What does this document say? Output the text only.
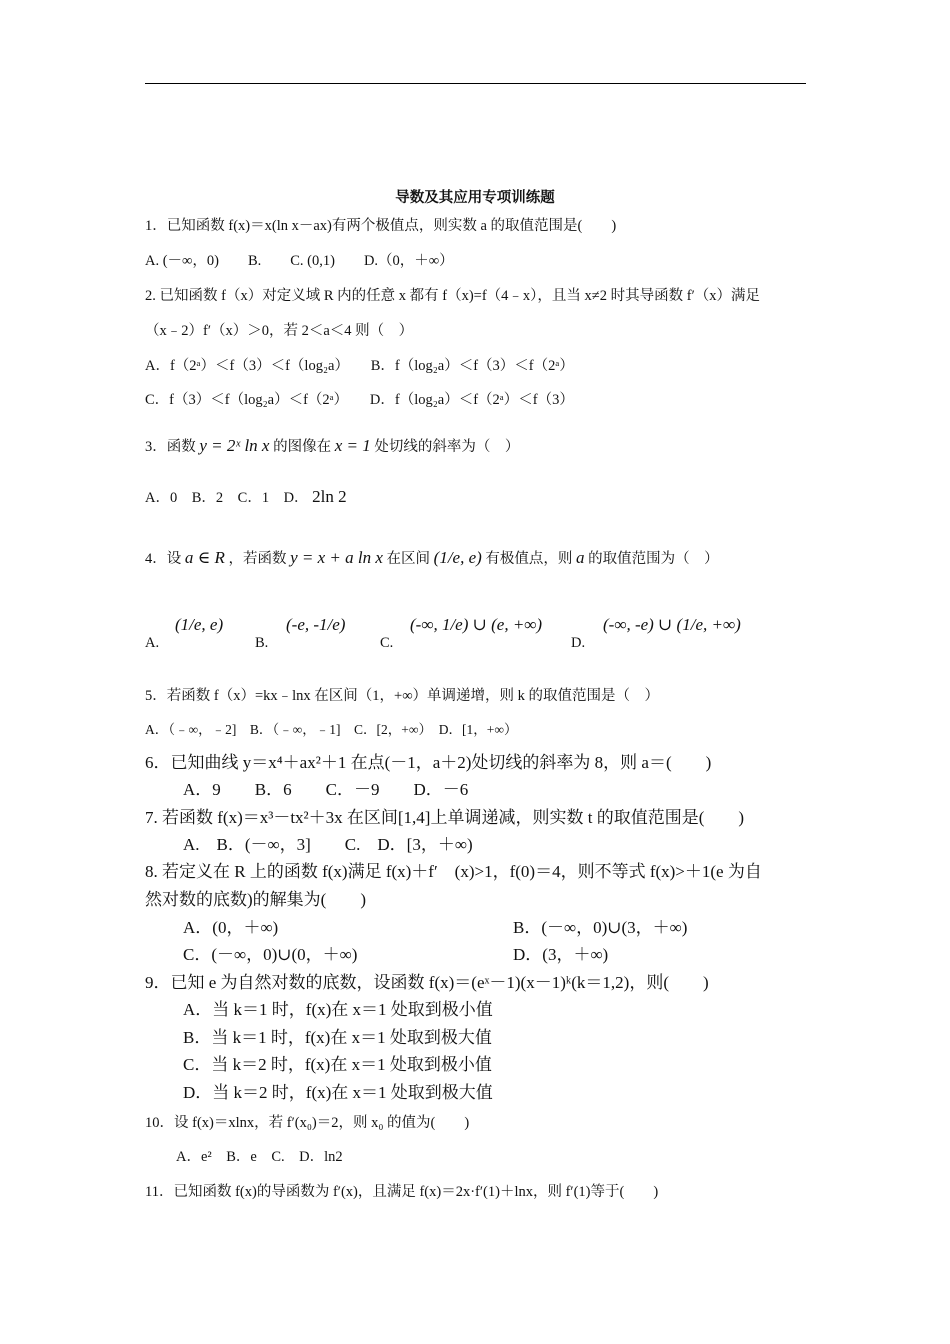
导数及其应用专项训练题
1．已知函数 f(x)＝x(ln x－ax)有两个极值点，则实数 a 的取值范围是(　　)
A. (－∞，0)　　B.　　C. (0,1)　　D.（0，＋∞）
2. 已知函数 f（x）对定义域 R 内的任意 x 都有 f（x)=f（4﹣x），且当 x≠2 时其导函数 f′（x）满足
（x﹣2）f′（x）＞0，若 2＜a＜4 则（　）
A．f（2ᵃ）＜f（3）＜f（log₂a）　　B．f（log₂a）＜f（3）＜f（2ᵃ）
C．f（3）＜f（log₂a）＜f（2ᵃ）　　D．f（log₂a）＜f（2ᵃ）＜f（3）
3．函数 y = 2ˣ ln x 的图像在 x = 1 处切线的斜率为（　）
A．0　B．2　C．1　D． 2ln 2
4．设 a ∈ R ，若函数 y = x + a ln x 在区间 (1/e, e) 有极值点，则 a 的取值范围为（　）
A.
(1/e, e)
B.
(-e, -1/e)
C.
(-∞, 1/e) ∪ (e, +∞)
D.
(-∞, -e) ∪ (1/e, +∞)
5．若函数 f（x）=kx﹣lnx 在区间（1，+∞）单调递增，则 k 的取值范围是（　）
A．（﹣∞，﹣2]　B．（﹣∞，﹣1]　C．[2，+∞）　D．[1，+∞）
6．已知曲线 y＝x⁴＋ax²＋1 在点(－1，a＋2)处切线的斜率为 8，则 a＝(　　)
A．9　　B．6　　C．－9　　D．－6
7. 若函数 f(x)＝x³－tx²＋3x 在区间[1,4]上单调递减，则实数 t 的取值范围是(　　)
A.　B．(－∞，3]　　C.　D．[3，＋∞)
8. 若定义在 R 上的函数 f(x)满足 f(x)＋f′　(x)>1，f(0)＝4，则不等式 f(x)>＋1(e 为自
然对数的底数)的解集为(　　)
A．(0，＋∞)	B．(－∞，0)∪(3，＋∞)
C．(－∞，0)∪(0，＋∞)	D．(3，＋∞)
9．已知 e 为自然对数的底数，设函数 f(x)＝(eˣ－1)(x－1)ᵏ(k＝1,2)，则(　　)
A．当 k＝1 时，f(x)在 x＝1 处取到极小值
B．当 k＝1 时，f(x)在 x＝1 处取到极大值
C．当 k＝2 时，f(x)在 x＝1 处取到极小值
D．当 k＝2 时，f(x)在 x＝1 处取到极大值
10．设 f(x)＝xlnx，若 f′(x₀)＝2，则 x₀ 的值为(　　)
A．e²　B．e　C.　D．ln2
11．已知函数 f(x)的导函数为 f′(x)，且满足 f(x)＝2x·f′(1)＋lnx，则 f′(1)等于(　　)
